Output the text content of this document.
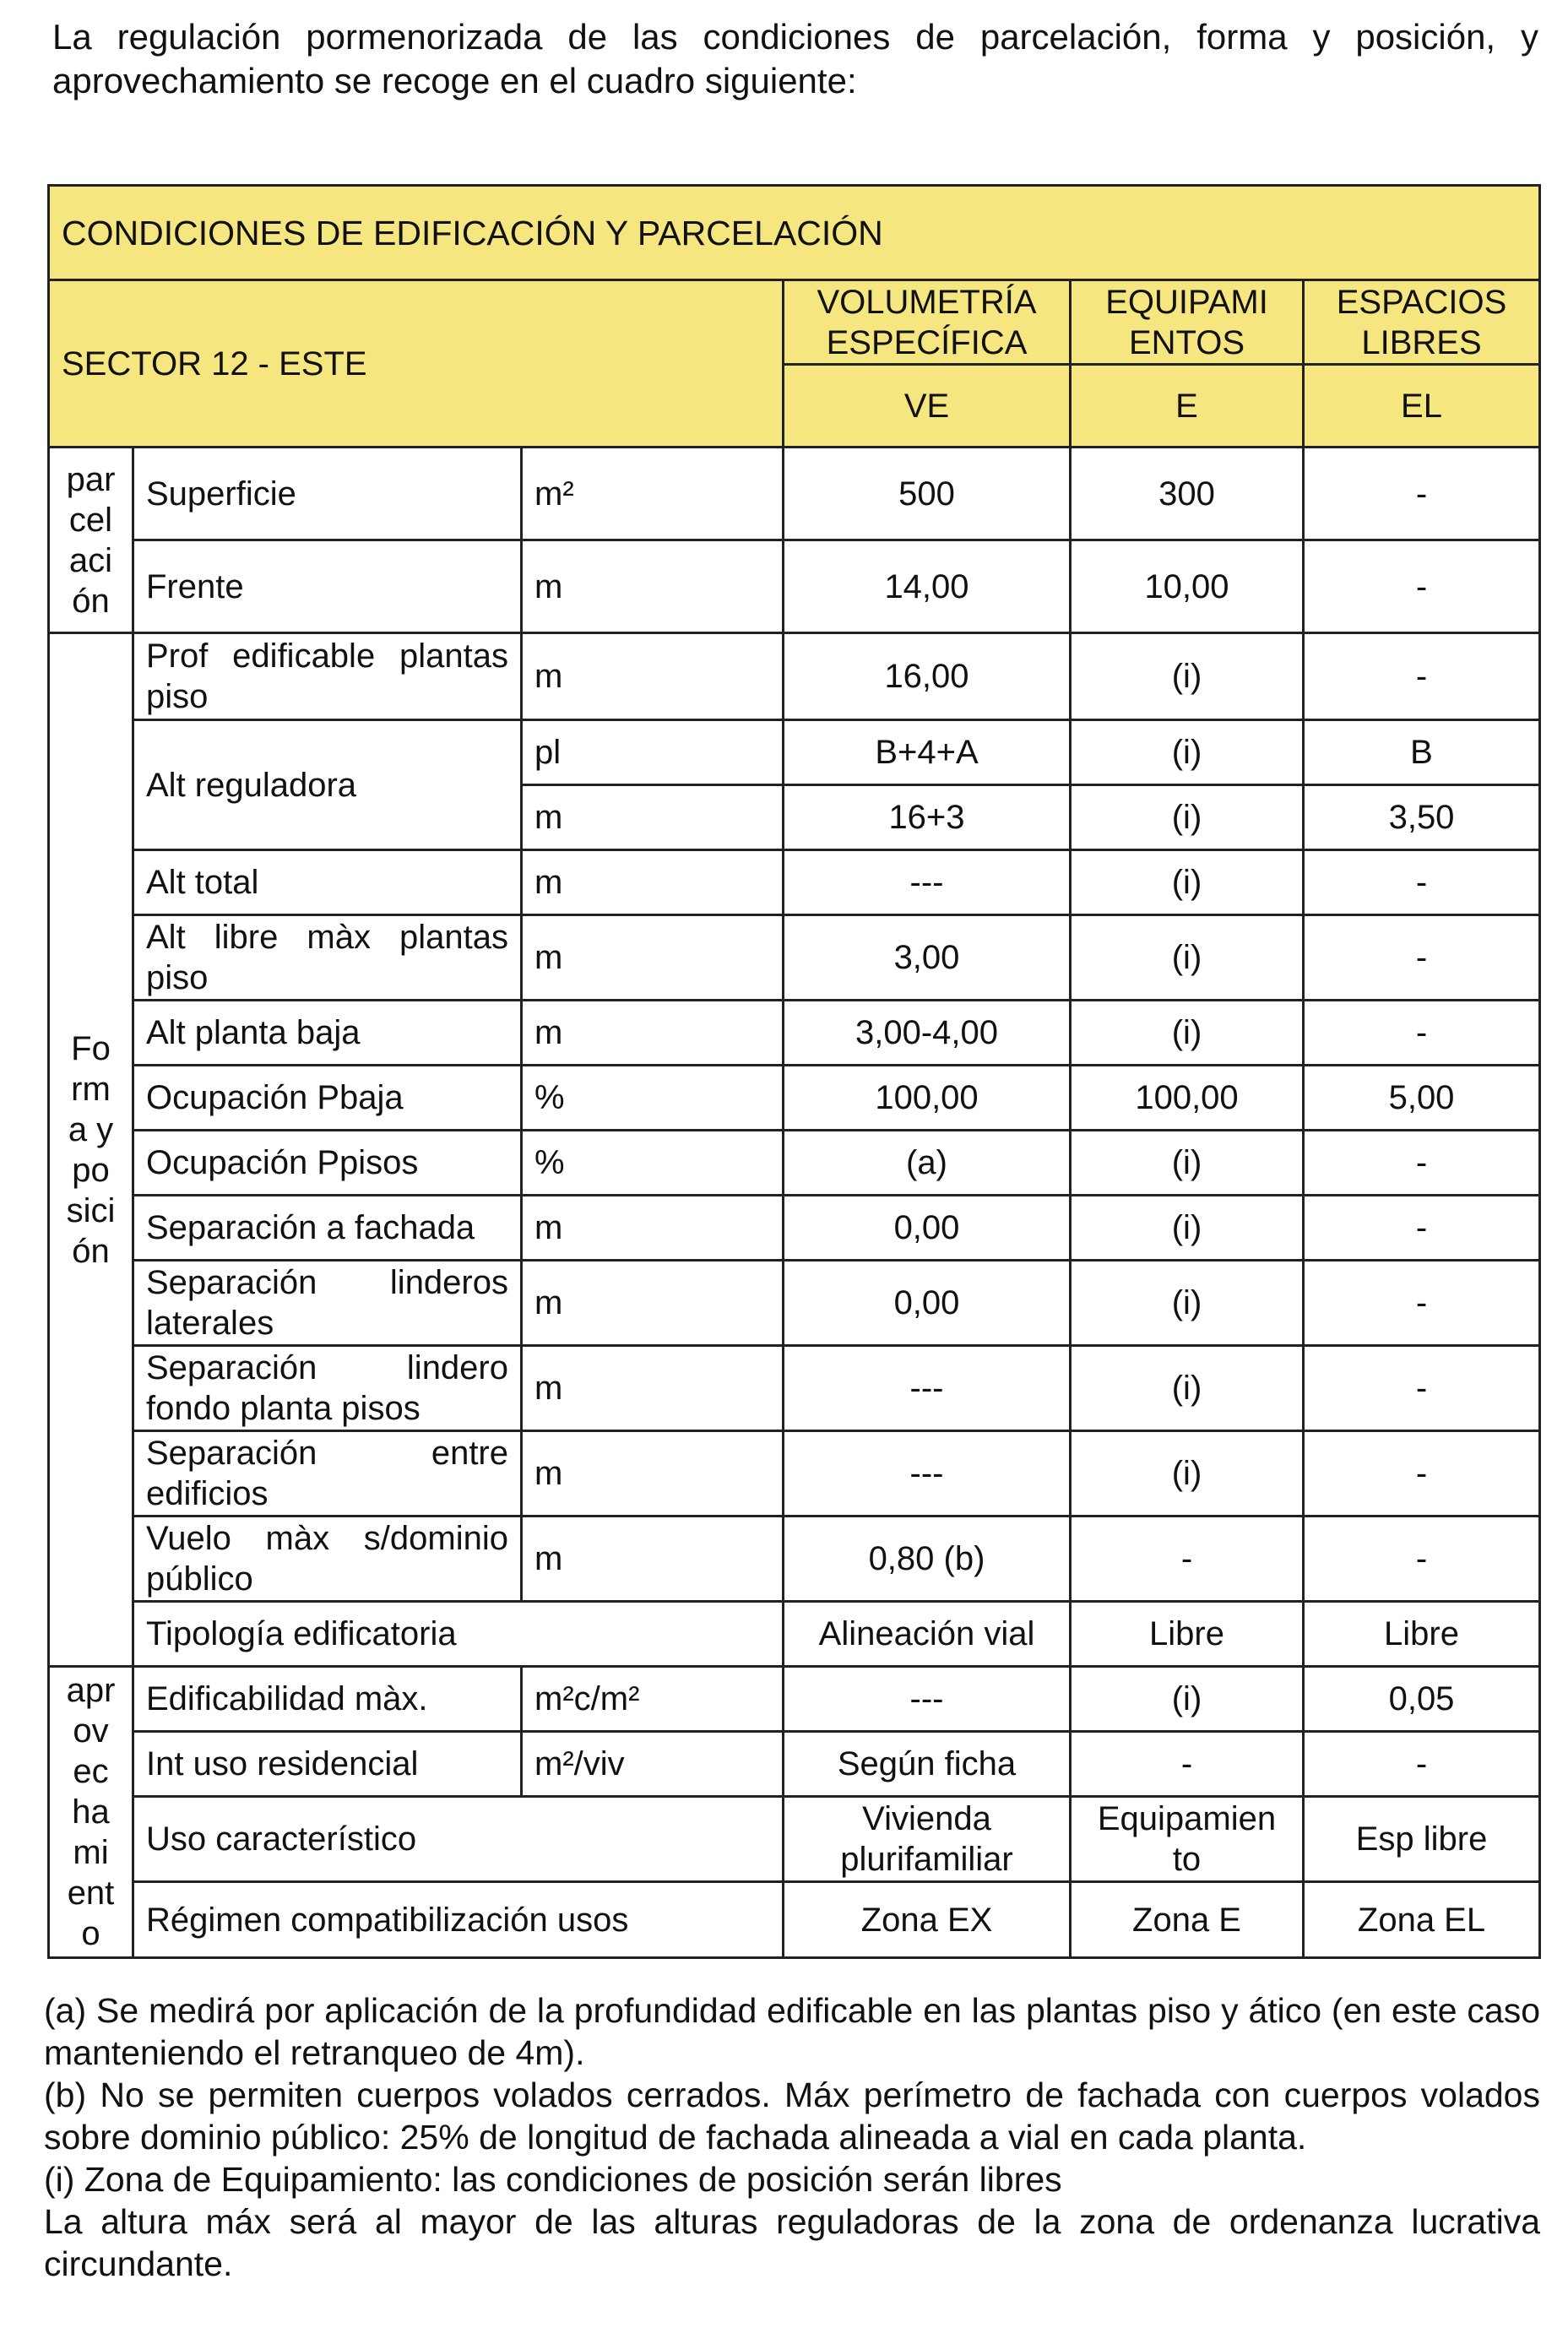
La regulación pormenorizada de las condiciones de parcelación, forma y posición, y aprovechamiento se recoge en el cuadro siguiente:
CONDICIONES DE EDIFICACIÓN Y PARCELACIÓN					
SECTOR 12 - ESTE			VOLUMETRÍA ESPECÍFICA	EQUIPAMI ENTOS	ESPACIOS LIBRES
			VE	E	EL
par cel aci ón	Superficie	m²	500	300	-
	Frente	m	14,00	10,00	-
Fo rm a y po sici ón	Prof edificable plantas piso	m	16,00	(i)	-
	Alt reguladora	pl	B+4+A	(i)	B
		m	16+3	(i)	3,50
	Alt total	m	---	(i)	-
	Alt libre màx plantas piso	m	3,00	(i)	-
	Alt planta baja	m	3,00-4,00	(i)	-
	Ocupación Pbaja	%	100,00	100,00	5,00
	Ocupación Ppisos	%	(a)	(i)	-
	Separación a fachada	m	0,00	(i)	-
	Separación linderos laterales	m	0,00	(i)	-
	Separación lindero fondo planta pisos	m	---	(i)	-
	Separación entre edificios	m	---	(i)	-
	Vuelo màx s/dominio público	m	0,80 (b)	-	-
	Tipología edificatoria		Alineación vial	Libre	Libre
apr ov ec ha mi ent o	Edificabilidad màx.	m²c/m²	---	(i)	0,05
	Int uso residencial	m²/viv	Según ficha	-	-
	Uso característico		Vivienda plurifamiliar	Equipamien to	Esp libre
	Régimen compatibilización usos		Zona EX	Zona E	Zona EL

(a) Se medirá por aplicación de la profundidad edificable en las plantas piso y ático (en este caso manteniendo el retranqueo de 4m).

(b) No se permiten cuerpos volados cerrados. Máx perímetro de fachada con cuerpos volados sobre dominio público: 25% de longitud de fachada alineada a vial en cada planta.

(i) Zona de Equipamiento: las condiciones de posición serán libres

La altura máx será al mayor de las alturas reguladoras de la zona de ordenanza lucrativa circundante.
